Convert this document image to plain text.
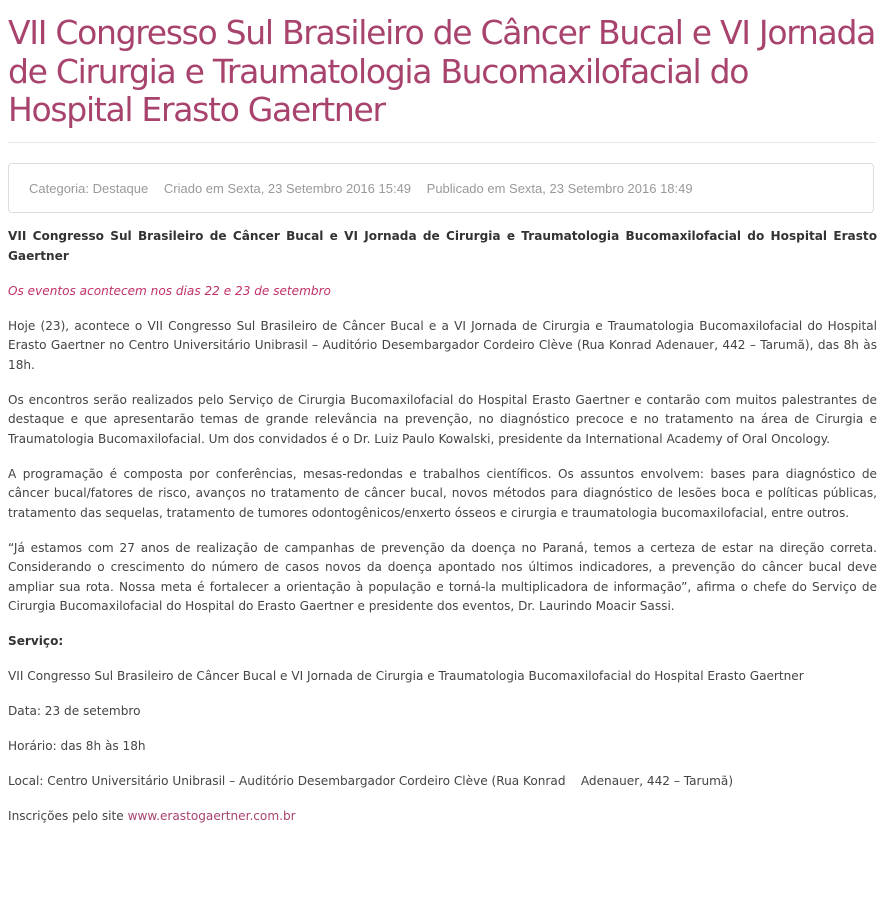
VII Congresso Sul Brasileiro de Câncer Bucal e VI Jornada de Cirurgia e Traumatologia Bucomaxilofacial do Hospital Erasto Gaertner
Categoria: Destaque Criado em Sexta, 23 Setembro 2016 15:49 Publicado em Sexta, 23 Setembro 2016 18:49

VII Congresso Sul Brasileiro de Câncer Bucal e VI Jornada de Cirurgia e Traumatologia Bucomaxilofacial do Hospital Erasto Gaertner

Os eventos acontecem nos dias 22 e 23 de setembro

Hoje (23), acontece o VII Congresso Sul Brasileiro de Câncer Bucal e a VI Jornada de Cirurgia e Traumatologia Bucomaxilofacial do Hospital Erasto Gaertner no Centro Universitário Unibrasil – Auditório Desembargador Cordeiro Clève (Rua Konrad Adenauer, 442 – Tarumã), das 8h às 18h.

Os encontros serão realizados pelo Serviço de Cirurgia Bucomaxilofacial do Hospital Erasto Gaertner e contarão com muitos palestrantes de destaque e que apresentarão temas de grande relevância na prevenção, no diagnóstico precoce e no tratamento na área de Cirurgia e Traumatologia Bucomaxilofacial. Um dos convidados é o Dr. Luiz Paulo Kowalski, presidente da International Academy of Oral Oncology.

A programação é composta por conferências, mesas-redondas e trabalhos científicos. Os assuntos envolvem: bases para diagnóstico de câncer bucal/fatores de risco, avanços no tratamento de câncer bucal, novos métodos para diagnóstico de lesões boca e políticas públicas, tratamento das sequelas, tratamento de tumores odontogênicos/enxerto ósseos e cirurgia e traumatologia bucomaxilofacial, entre outros.

“Já estamos com 27 anos de realização de campanhas de prevenção da doença no Paraná, temos a certeza de estar na direção correta. Considerando o crescimento do número de casos novos da doença apontado nos últimos indicadores, a prevenção do câncer bucal deve ampliar sua rota. Nossa meta é fortalecer a orientação à população e torná-la multiplicadora de informação”, afirma o chefe do Serviço de Cirurgia Bucomaxilofacial do Hospital do Erasto Gaertner e presidente dos eventos, Dr. Laurindo Moacir Sassi.

Serviço:

VII Congresso Sul Brasileiro de Câncer Bucal e VI Jornada de Cirurgia e Traumatologia Bucomaxilofacial do Hospital Erasto Gaertner

Data: 23 de setembro

Horário: das 8h às 18h

Local: Centro Universitário Unibrasil – Auditório Desembargador Cordeiro Clève (Rua Konrad    Adenauer, 442 – Tarumã)

Inscrições pelo site www.erastogaertner.com.br
